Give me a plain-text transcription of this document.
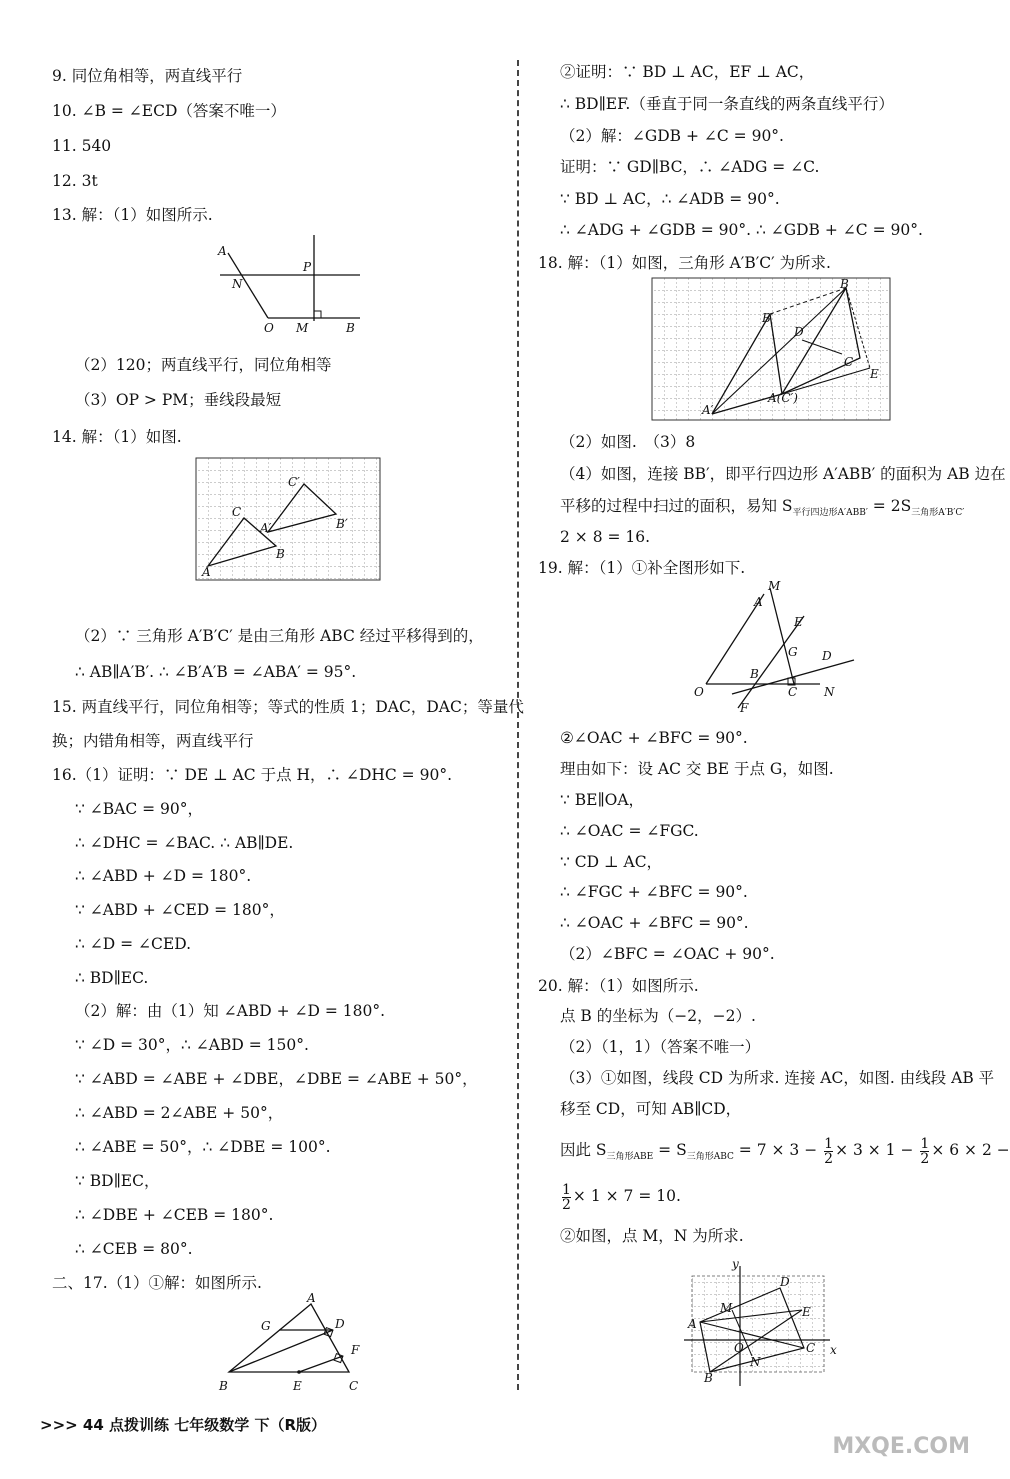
9. 同位角相等，两直线平行
10. ∠B = ∠ECD（答案不唯一）
11. 540
12. 3t
13. 解：（1）如图所示.
A
N
P
O M	B
（2）120；两直线平行，同位角相等
（3）OP > PM；垂线段最短
14. 解：（1）如图.
C′
C
A′	B′
A
B
（2）∵ 三角形 A′B′C′ 是由三角形 ABC 经过平移得到的，
∴ AB∥A′B′. ∴ ∠B′A′B = ∠ABA′ = 95°.
15. 两直线平行，同位角相等；等式的性质 1；DAC，DAC；等量代
换；内错角相等，两直线平行
16.（1）证明：∵ DE ⊥ AC 于点 H，∴ ∠DHC = 90°.
∵ ∠BAC = 90°，
∴ ∠DHC = ∠BAC. ∴ AB∥DE.
∴ ∠ABD + ∠D = 180°.
∵ ∠ABD + ∠CED = 180°，
∴ ∠D = ∠CED.
∴ BD∥EC.
（2）解：由（1）知 ∠ABD + ∠D = 180°.
∵ ∠D = 30°，∴ ∠ABD = 150°.
∵ ∠ABD = ∠ABE + ∠DBE，∠DBE = ∠ABE + 50°，
∴ ∠ABD = 2∠ABE + 50°，
∴ ∠ABE = 50°，∴ ∠DBE = 100°.
∵ BD∥EC，
∴ ∠DBE + ∠CEB = 180°.
∴ ∠CEB = 80°.
二、17.（1）①解：如图所示.
A
G	D
F
B	E	C
②证明：∵ BD ⊥ AC，EF ⊥ AC，
∴ BD∥EF.（垂直于同一条直线的两条直线平行）
（2）解：∠GDB + ∠C = 90°.
证明：∵ GD∥BC，∴ ∠ADG = ∠C.
∵ BD ⊥ AC，∴ ∠ADB = 90°.
∴ ∠ADG + ∠GDB = 90°. ∴ ∠GDB + ∠C = 90°.
18. 解：（1）如图，三角形 A′B′C′ 为所求.
B
B′
D
E
C
A(C′)
A′
（2）如图.　（3）8
（4）如图，连接 BB′，即平行四边形 A′ABB′ 的面积为 AB 边在
平移的过程中扫过的面积，易知 $S_{平行四边形A'ABB'} = 2S_{三角形A'B'C'}$
2 × 8 = 16.
19. 解：（1）①补全图形如下.
M
A
E
G D
B
C N
O
F
②∠OAC + ∠BFC = 90°.
理由如下：设 AC 交 BE 于点 G，如图.
∵ BE∥OA，
∴ ∠OAC = ∠FGC.
∵ CD ⊥ AC，
∴ ∠FGC + ∠BFC = 90°.
∴ ∠OAC + ∠BFC = 90°.
（2）∠BFC = ∠OAC + 90°.
20. 解：（1）如图所示.
点 B 的坐标为（−2，−2）.
（2）（1，1）（答案不唯一）
（3）①如图，线段 CD 为所求. 连接 AC，如图. 由线段 AB 平
移至 CD，可知 AB∥CD，
因此 $S_{三角形ABE} = S_{三角形ABC} = 7 \times 3 - \frac{1}{2} \times 3 \times 1 - \frac{1}{2} \times 6 \times 2$ −
$\frac{1}{2} \times 1 \times 7 = 10$.
②如图，点 M，N 为所求.
y
D
M	E
A
O	C x
N
B
>>> 44 点拨训练 七年级数学 下（R版）
MXQE.COM
